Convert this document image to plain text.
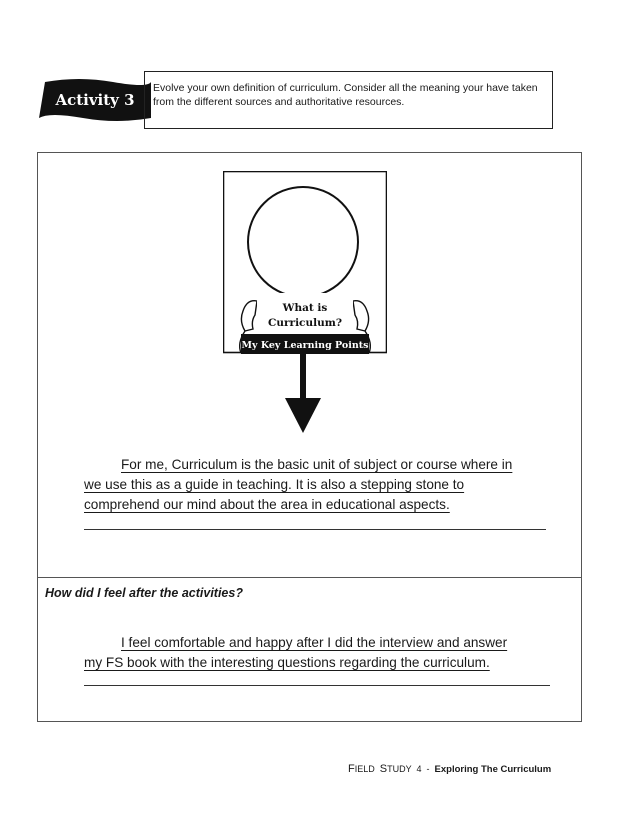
Activity 3
Evolve your own definition of curriculum. Consider all the meaning your have taken from the different sources and authoritative resources.
What is
Curriculum?
My Key Learning Points
For me, Curriculum is the basic unit of subject or course where in
we use this as a guide in teaching. It is also a stepping stone to
comprehend our mind about the area in educational aspects.
How did I feel after the activities?
I feel comfortable and happy after I did the interview and answer
my FS book with the interesting questions regarding the curriculum.
FIELD STUDY 4 - Exploring The Curriculum
